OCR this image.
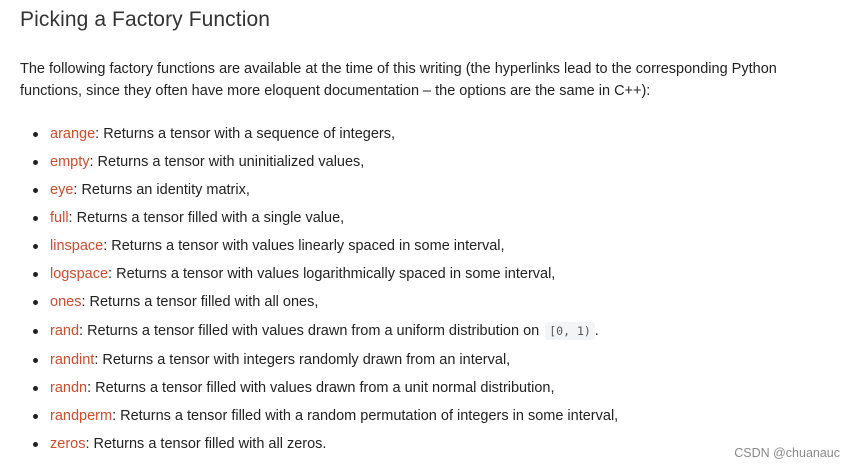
Picking a Factory Function

The following factory functions are available at the time of this writing (the hyperlinks lead to the corresponding Python functions, since they often have more eloquent documentation – the options are the same in C++):

arange: Returns a tensor with a sequence of integers,
empty: Returns a tensor with uninitialized values,
eye: Returns an identity matrix,
full: Returns a tensor filled with a single value,
linspace: Returns a tensor with values linearly spaced in some interval,
logspace: Returns a tensor with values logarithmically spaced in some interval,
ones: Returns a tensor filled with all ones,
rand: Returns a tensor filled with values drawn from a uniform distribution on [0, 1) .
randint: Returns a tensor with integers randomly drawn from an interval,
randn: Returns a tensor filled with values drawn from a unit normal distribution,
randperm: Returns a tensor filled with a random permutation of integers in some interval,
zeros: Returns a tensor filled with all zeros.
CSDN @chuanauc
